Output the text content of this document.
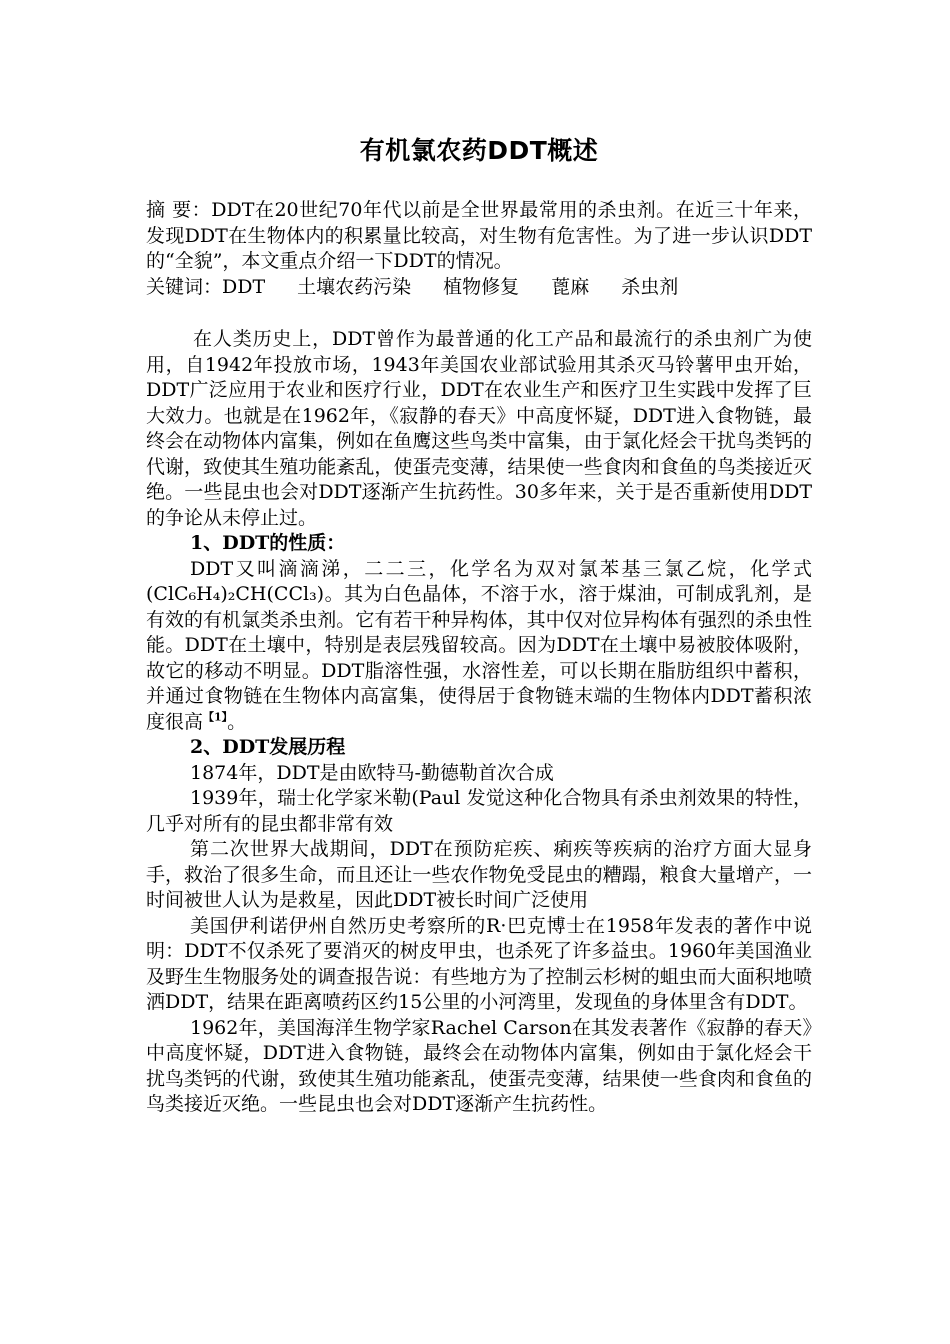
有机氯农药DDT概述

摘 要：DDT在20世纪70年代以前是全世界最常用的杀虫剂。在近三十年来，发现DDT在生物体内的积累量比较高，对生物有危害性。为了进一步认识DDT的“全貌”，本文重点介绍一下DDT的情况。

关键词：DDT 土壤农药污染 植物修复 蓖麻 杀虫剂

在人类历史上，DDT曾作为最普通的化工产品和最流行的杀虫剂广为使用，自1942年投放市场，1943年美国农业部试验用其杀灭马铃薯甲虫开始，DDT广泛应用于农业和医疗行业，DDT在农业生产和医疗卫生实践中发挥了巨大效力。也就是在1962年，《寂静的春天》中高度怀疑，DDT进入食物链，最终会在动物体内富集，例如在鱼鹰这些鸟类中富集，由于氯化烃会干扰鸟类钙的代谢，致使其生殖功能紊乱，使蛋壳变薄，结果使一些食肉和食鱼的鸟类接近灭绝。一些昆虫也会对DDT逐渐产生抗药性。30多年来，关于是否重新使用DDT的争论从未停止过。

1、DDT的性质：

DDT又叫滴滴涕，二二三，化学名为双对氯苯基三氯乙烷，化学式(ClC₆H₄)₂CH(CCl₃)。其为白色晶体，不溶于水，溶于煤油，可制成乳剂，是有效的有机氯类杀虫剂。它有若干种异构体，其中仅对位异构体有强烈的杀虫性能。DDT在土壤中，特别是表层残留较高。因为DDT在土壤中易被胶体吸附，故它的移动不明显。DDT脂溶性强，水溶性差，可以长期在脂肪组织中蓄积，并通过食物链在生物体内高富集，使得居于食物链末端的生物体内DDT蓄积浓度很高$^{【1】}$。

2、DDT发展历程

1874年，DDT是由欧特马-勤德勒首次合成

1939年，瑞士化学家米勒(Paul 发觉这种化合物具有杀虫剂效果的特性，几乎对所有的昆虫都非常有效

第二次世界大战期间，DDT在预防疟疾、痢疾等疾病的治疗方面大显身手，救治了很多生命，而且还让一些农作物免受昆虫的糟蹋，粮食大量增产，一时间被世人认为是救星，因此DDT被长时间广泛使用

美国伊利诺伊州自然历史考察所的R·巴克博士在1958年发表的著作中说明：DDT不仅杀死了要消灭的树皮甲虫，也杀死了许多益虫。1960年美国渔业及野生生物服务处的调查报告说：有些地方为了控制云杉树的蛆虫而大面积地喷洒DDT，结果在距离喷药区约15公里的小河湾里，发现鱼的身体里含有DDT。

1962年，美国海洋生物学家Rachel Carson在其发表著作《寂静的春天》中高度怀疑，DDT进入食物链，最终会在动物体内富集，例如由于氯化烃会干扰鸟类钙的代谢，致使其生殖功能紊乱，使蛋壳变薄，结果使一些食肉和食鱼的鸟类接近灭绝。一些昆虫也会对DDT逐渐产生抗药性。
